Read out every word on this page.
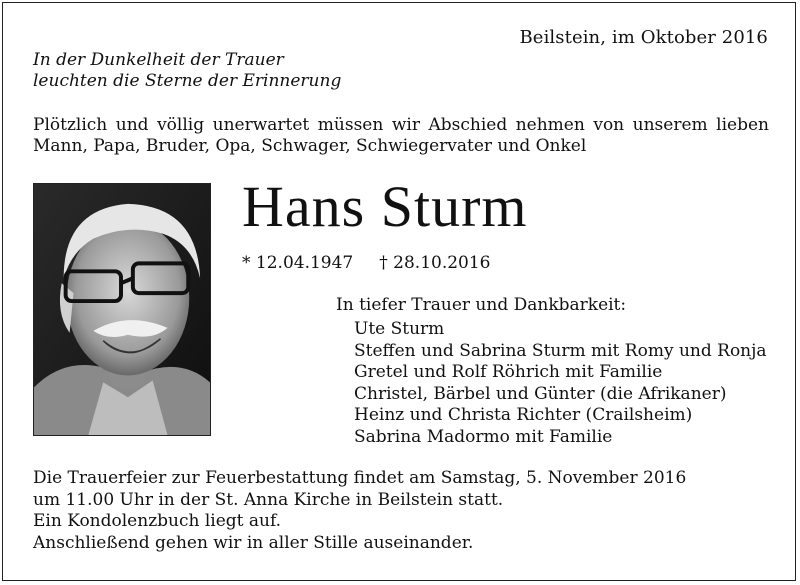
Beilstein, im Oktober 2016
In der Dunkelheit der Trauer
leuchten die Sterne der Erinnerung
Plötzlich und völlig unerwartet müssen wir Abschied nehmen von unserem lieben Mann, Papa, Bruder, Opa, Schwager, Schwiegervater und Onkel
Hans Sturm
* 12.04.1947 † 28.10.2016
In tiefer Trauer und Dankbarkeit:
Ute Sturm
Steffen und Sabrina Sturm mit Romy und Ronja
Gretel und Rolf Röhrich mit Familie
Christel, Bärbel und Günter (die Afrikaner)
Heinz und Christa Richter (Crailsheim)
Sabrina Madormo mit Familie
Die Trauerfeier zur Feuerbestattung findet am Samstag, 5. November 2016
um 11.00 Uhr in der St. Anna Kirche in Beilstein statt.
Ein Kondolenzbuch liegt auf.
Anschließend gehen wir in aller Stille auseinander.
